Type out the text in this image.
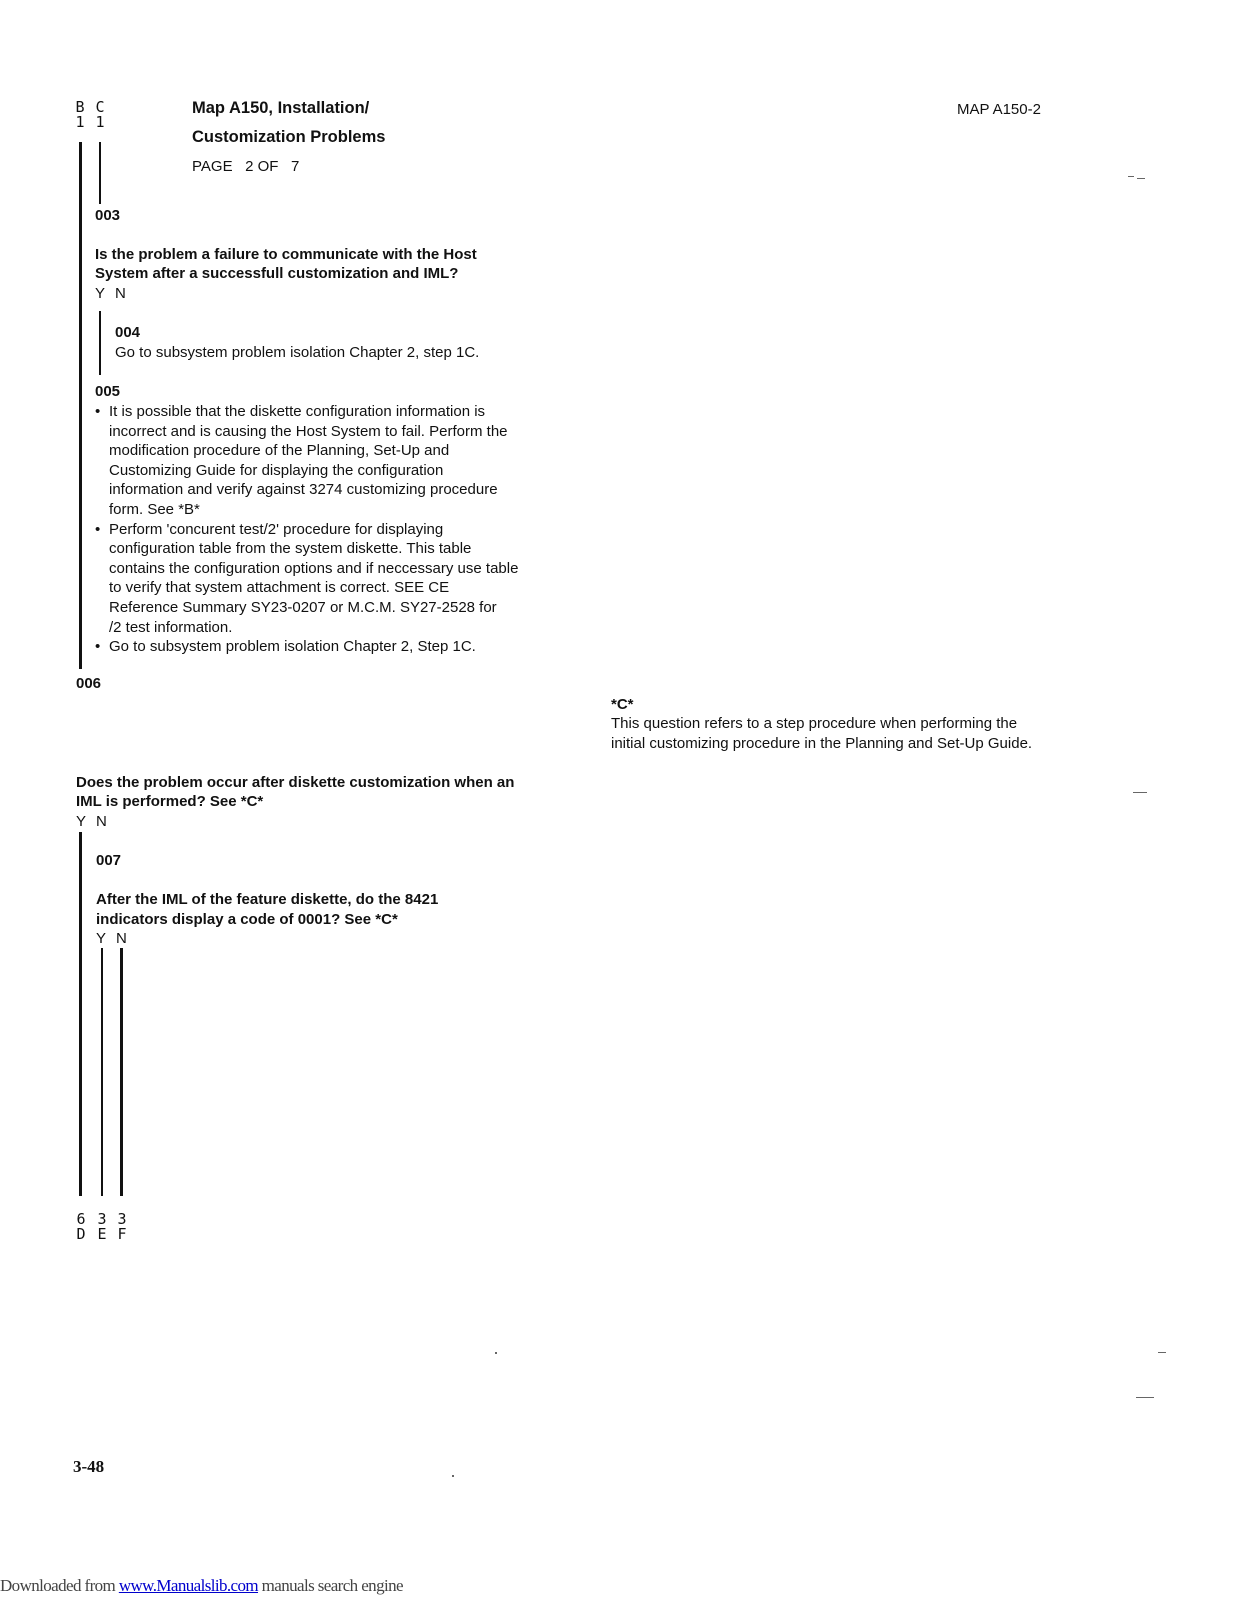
B
1
C
1
Map A150, Installation/
Customization Problems
PAGE 2 OF 7
MAP A150-2
003
Is the problem a failure to communicate with the Host
System after a successfull customization and IML?
Y N
004
Go to subsystem problem isolation Chapter 2, step 1C.
005
• It is possible that the diskette configuration information is
incorrect and is causing the Host System to fail. Perform the
modification procedure of the Planning, Set-Up and
Customizing Guide for displaying the configuration
information and verify against 3274 customizing procedure
form. See *B*
• Perform 'concurent test/2' procedure for displaying
configuration table from the system diskette. This table
contains the configuration options and if neccessary use table
to verify that system attachment is correct. SEE CE
Reference Summary SY23-0207 or M.C.M. SY27-2528 for
/2 test information.
• Go to subsystem problem isolation Chapter 2, Step 1C.
006
Does the problem occur after diskette customization when an
IML is performed? See *C*
Y N
007
After the IML of the feature diskette, do the 8421
indicators display a code of 0001? See *C*
Y N
*C*
This question refers to a step procedure when performing the
initial customizing procedure in the Planning and Set-Up Guide.
6
D
3
E
3
F
3-48
Downloaded from www.Manualslib.com manuals search engine
